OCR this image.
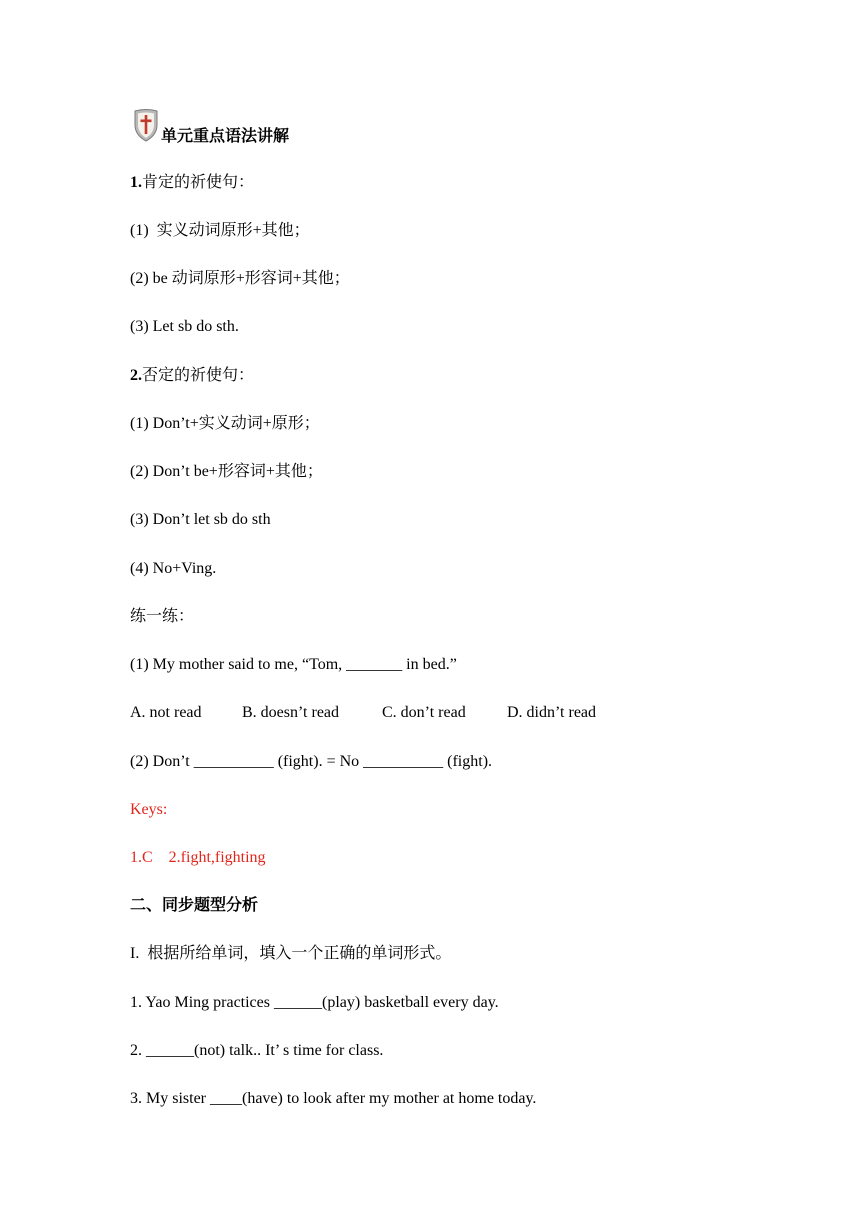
单元重点语法讲解
1.肯定的祈使句：
(1)  实义动词原形+其他；
(2) be 动词原形+形容词+其他；
(3) Let sb do sth.
2.否定的祈使句：
(1) Don’t+实义动词+原形；
(2) Don’t be+形容词+其他；
(3) Don’t let sb do sth
(4) No+Ving.
练一练：
(1) My mother said to me, “Tom, _______ in bed.”
A. not read	B. doesn’t read	C. don’t read	D. didn’t read
(2) Don’t __________ (fight). = No __________ (fight).
Keys:
1.C    2.fight,fighting
二、同步题型分析
I.  根据所给单词，填入一个正确的单词形式。
1. Yao Ming practices ______(play) basketball every day.
2. ______(not) talk.. It’ s time for class.
3. My sister ____(have) to look after my mother at home today.
